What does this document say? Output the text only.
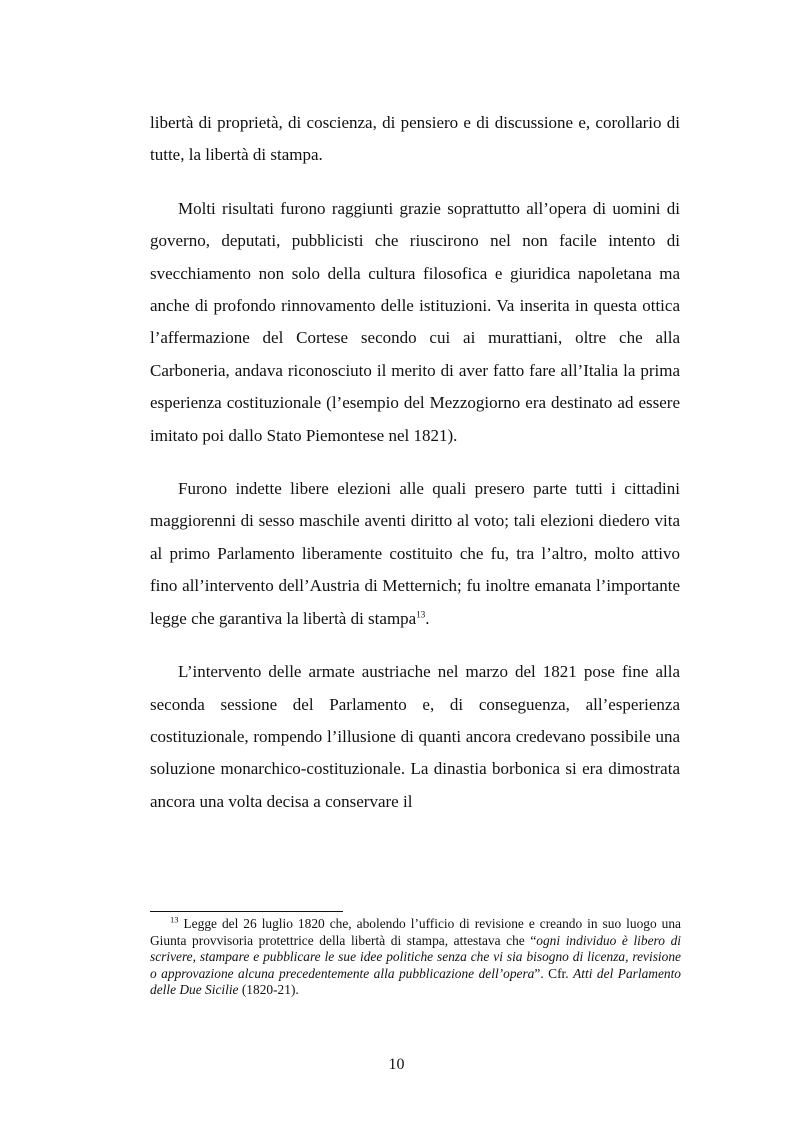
libertà di proprietà, di coscienza, di pensiero e di discussione e, corollario di tutte, la libertà di stampa.

Molti risultati furono raggiunti grazie soprattutto all’opera di uomini di governo, deputati, pubblicisti che riuscirono nel non facile intento di svecchiamento non solo della cultura filosofica e giuridica napoletana ma anche di profondo rinnovamento delle istituzioni. Va inserita in questa ottica l’affermazione del Cortese secondo cui ai murattiani, oltre che alla Carboneria, andava riconosciuto il merito di aver fatto fare all’Italia la prima esperienza costituzionale (l’esempio del Mezzogiorno era destinato ad essere imitato poi dallo Stato Piemontese nel 1821).

Furono indette libere elezioni alle quali presero parte tutti i cittadini maggiorenni di sesso maschile aventi diritto al voto; tali elezioni diedero vita al primo Parlamento liberamente costituito che fu, tra l’altro, molto attivo fino all’intervento dell’Austria di Metternich; fu inoltre emanata l’importante legge che garantiva la libertà di stampa$^{13}$.

L’intervento delle armate austriache nel marzo del 1821 pose fine alla seconda sessione del Parlamento e, di conseguenza, all’esperienza costituzionale, rompendo l’illusione di quanti ancora credevano possibile una soluzione monarchico-costituzionale. La dinastia borbonica si era dimostrata ancora una volta decisa a conservare il

$^{13}$ Legge del 26 luglio 1820 che, abolendo l’ufficio di revisione e creando in suo luogo una Giunta provvisoria protettrice della libertà di stampa, attestava che “ogni individuo è libero di scrivere, stampare e pubblicare le sue idee politiche senza che vi sia bisogno di licenza, revisione o approvazione alcuna precedentemente alla pubblicazione dell’opera”. Cfr. Atti del Parlamento delle Due Sicilie (1820-21).

10
